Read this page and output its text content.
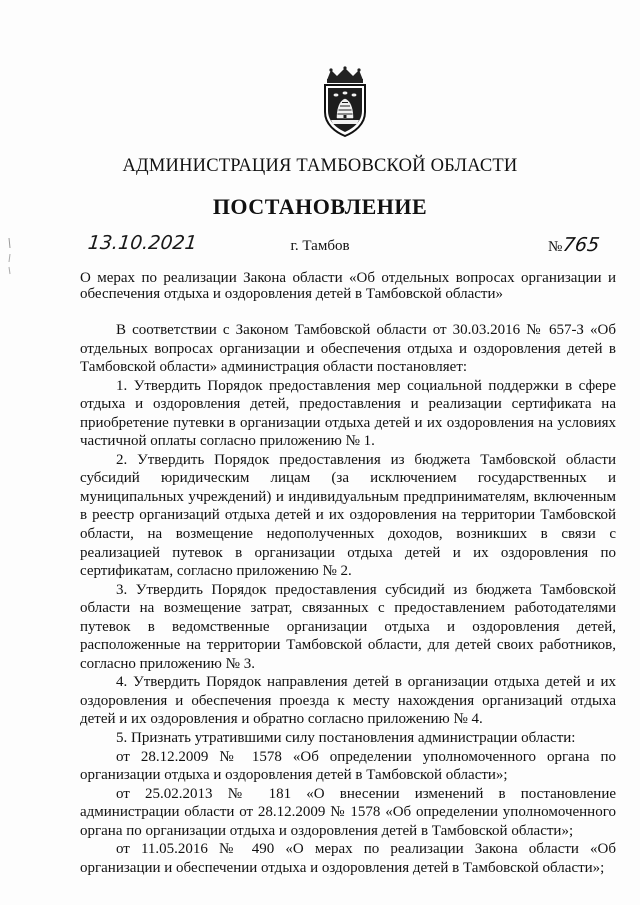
АДМИНИСТРАЦИЯ ТАМБОВСКОЙ ОБЛАСТИ
ПОСТАНОВЛЕНИЕ
13.10.2021	г. Тамбов	№765
О мерах по реализации Закона области «Об отдельных вопросах организации и обеспечения отдыха и оздоровления детей в Тамбовской области»

В соответствии с Законом Тамбовской области от 30.03.2016 № 657-З «Об отдельных вопросах организации и обеспечения отдыха и оздоровления детей в Тамбовской области» администрация области постановляет:

1. Утвердить Порядок предоставления мер социальной поддержки в сфере отдыха и оздоровления детей, предоставления и реализации сертификата на приобретение путевки в организации отдыха детей и их оздоровления на условиях частичной оплаты согласно приложению № 1.

2. Утвердить Порядок предоставления из бюджета Тамбовской области субсидий юридическим лицам (за исключением государственных и муниципальных учреждений) и индивидуальным предпринимателям, включенным в реестр организаций отдыха детей и их оздоровления на территории Тамбовской области, на возмещение недополученных доходов, возникших в связи с реализацией путевок в организации отдыха детей и их оздоровления по сертификатам, согласно приложению № 2.

3. Утвердить Порядок предоставления субсидий из бюджета Тамбовской области на возмещение затрат, связанных с предоставлением работодателями путевок в ведомственные организации отдыха и оздоровления детей, расположенные на территории Тамбовской области, для детей своих работников, согласно приложению № 3.

4. Утвердить Порядок направления детей в организации отдыха детей и их оздоровления и обеспечения проезда к месту нахождения организаций отдыха детей и их оздоровления и обратно согласно приложению № 4.

5. Признать утратившими силу постановления администрации области:

от 28.12.2009 № 1578 «Об определении уполномоченного органа по организации отдыха и оздоровления детей в Тамбовской области»;

от 25.02.2013 № 181 «О внесении изменений в постановление администрации области от 28.12.2009 № 1578 «Об определении уполномоченного органа по организации отдыха и оздоровления детей в Тамбовской области»;

от 11.05.2016 № 490 «О мерах по реализации Закона области «Об организации и обеспечении отдыха и оздоровления детей в Тамбовской области»;
